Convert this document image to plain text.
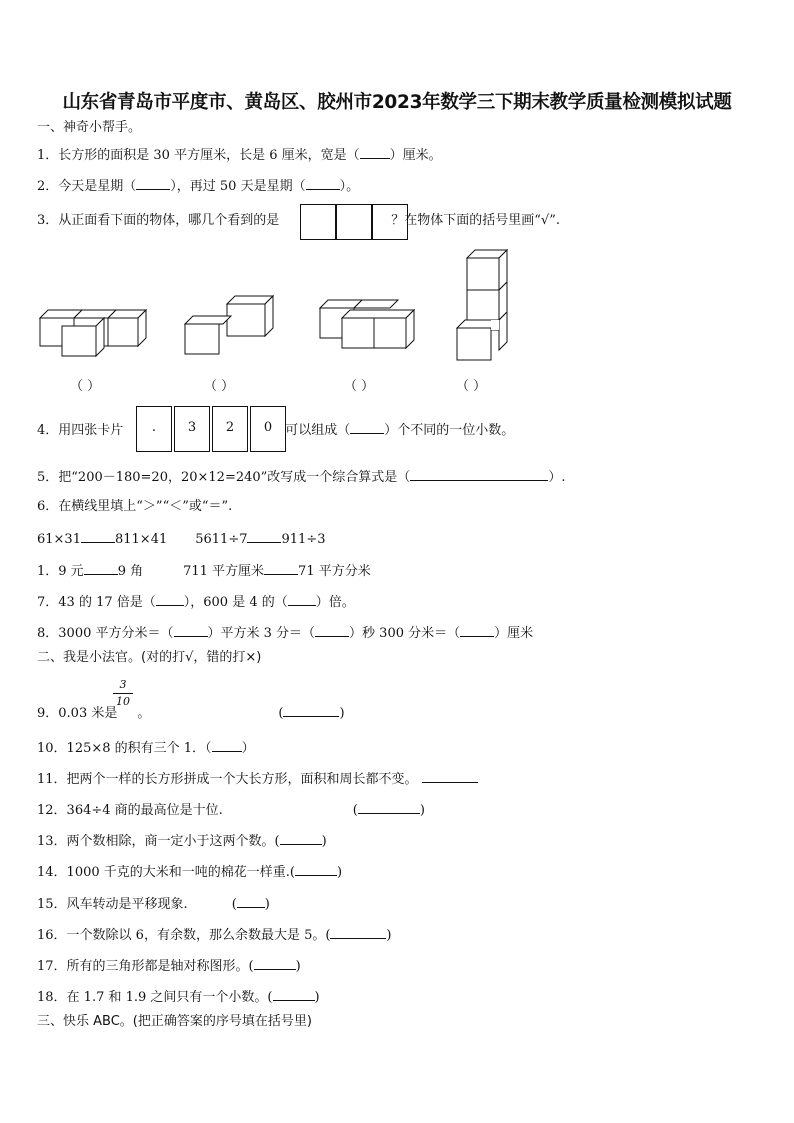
山东省青岛市平度市、黄岛区、胶州市2023年数学三下期末教学质量检测模拟试题
一、神奇小帮手。
1．长方形的面积是 30 平方厘米，长是 6 厘米，宽是（ ）厘米。
2．今天是星期（	），再过 50 天是星期（	）。
3．从正面看下面的物体，哪几个看到的是	？在物体下面的括号里画“√”.
（ ）	（ ）	（ ）	（ ）
4．用四张卡片	可以组成（	）个不同的一位小数。
.	3	2	0
5．把“200－180=20，20×12=240”改写成一个综合算式是（	）.
6．在横线里填上“＞”“＜”或“＝”.
61×31	811×41 5611÷7	911÷3
1．9 元	9 角	711 平方厘米	71 平方分米
7．43 的 17 倍是（ ），600 是 4 的（ ）倍。
8．3000 平方分米＝（	）平方米 3 分＝（	）秒 300 分米＝（	）厘米
二、我是小法官。(对的打√，错的打×)
3
10
9．0.03 米是 。	(	)
10．125×8 的积有三个 1．（ ）
11．把两个一样的长方形拼成一个大长方形，面积和周长都不变。
12．364÷4 商的最高位是十位.	(	)
13．两个数相除，商一定小于这两个数。(	)
14．1000 千克的大米和一吨的棉花一样重.(	)
15．风车转动是平移现象.	( )
16．一个数除以 6，有余数，那么余数最大是 5。(	)
17．所有的三角形都是轴对称图形。(	)
18．在 1.7 和 1.9 之间只有一个小数。(	)
三、快乐 ABC。(把正确答案的序号填在括号里)
